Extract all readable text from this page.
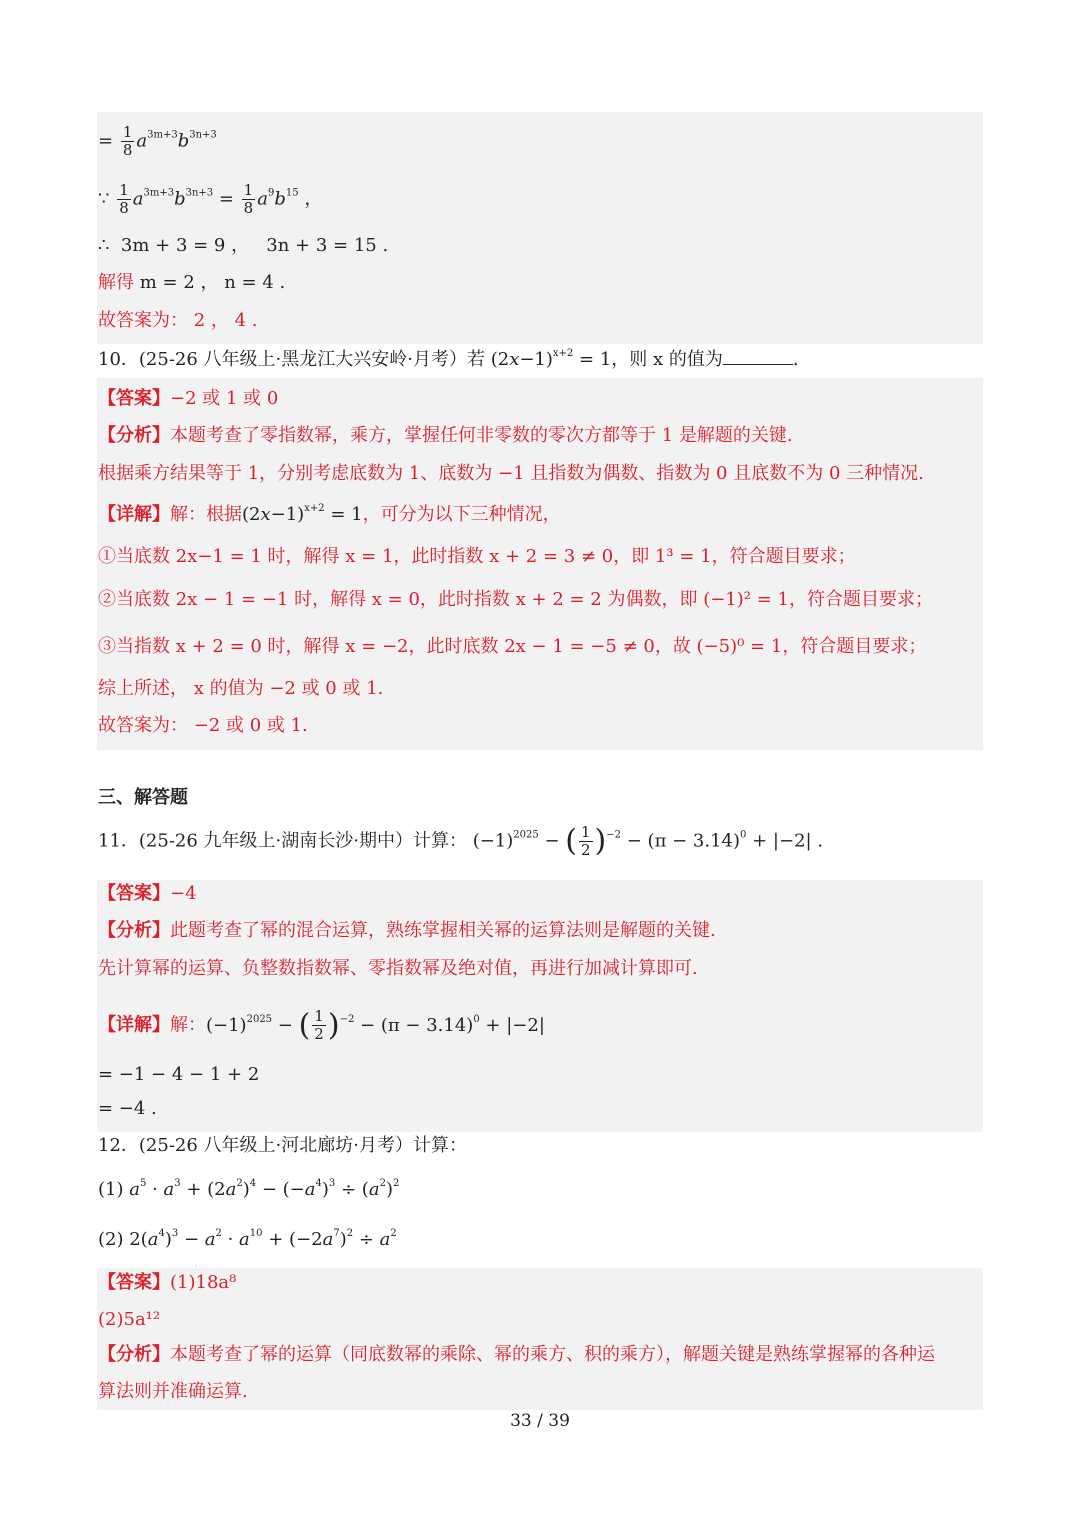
= $\frac{1}{8} a^{3m+3}b^{3n+3}$
∵ $\frac{1}{8} a^{3m+3}b^{3n+3} = \frac{1}{8} a^9b^{15}$ ，
∴ 3m + 3 = 9 ，   3n + 3 = 15 .
解得 m = 2 ， n = 4 .
故答案为： 2 ， 4 .
10．(25-26 八年级上·黑龙江大兴安岭·月考）若 $(2x-1)^{x+2} = 1$，则 x 的值为	.
【答案】−2 或 1 或 0
【分析】本题考查了零指数幂，乘方，掌握任何非零数的零次方都等于 1 是解题的关键.
根据乘方结果等于 1，分别考虑底数为 1、底数为 −1 且指数为偶数、指数为 0 且底数不为 0 三种情况.
【详解】解：根据$(2x-1)^{x+2} = 1$，可分为以下三种情况，
①当底数 2x−1 = 1 时，解得 x = 1，此时指数 x + 2 = 3 ≠ 0，即 1³ = 1，符合题目要求；
②当底数 2x − 1 = −1 时，解得 x = 0，此时指数 x + 2 = 2 为偶数，即 (−1)² = 1，符合题目要求；
③当指数 x + 2 = 0 时，解得 x = −2，此时底数 2x − 1 = −5 ≠ 0，故 (−5)⁰ = 1，符合题目要求；
综上所述， x 的值为 −2 或 0 或 1.
故答案为： −2 或 0 或 1.
三、解答题
11．(25-26 九年级上·湖南长沙·期中）计算： $(-1)^{2025}$ − ( $\frac{1}{2} )^{-2} - (\pi - 3.14)^0 + |-2|$ .
【答案】−4
【分析】此题考查了幂的混合运算，熟练掌握相关幂的运算法则是解题的关键.
先计算幂的运算、负整数指数幂、零指数幂及绝对值，再进行加减计算即可.
【详解】解：$(-1)^{2025}$ − ( $\frac{1}{2} )^{-2} - (\pi - 3.14)^0 + |-2|$
= −1 − 4 − 1 + 2
= −4 .
12．(25-26 八年级上·河北廊坊·月考）计算：
(1) $a^5 \cdot a^3 + (2a^2)^4 - (-a^4)^3 \div (a^2)^2$
(2) $2(a^4)^3 - a^2 \cdot a^{10} + (-2a^7)^2 \div a^2$
【答案】(1)18a⁸
(2)5a¹²
【分析】本题考查了幂的运算（同底数幂的乘除、幂的乘方、积的乘方），解题关键是熟练掌握幂的各种运
算法则并准确运算.
33 / 39
